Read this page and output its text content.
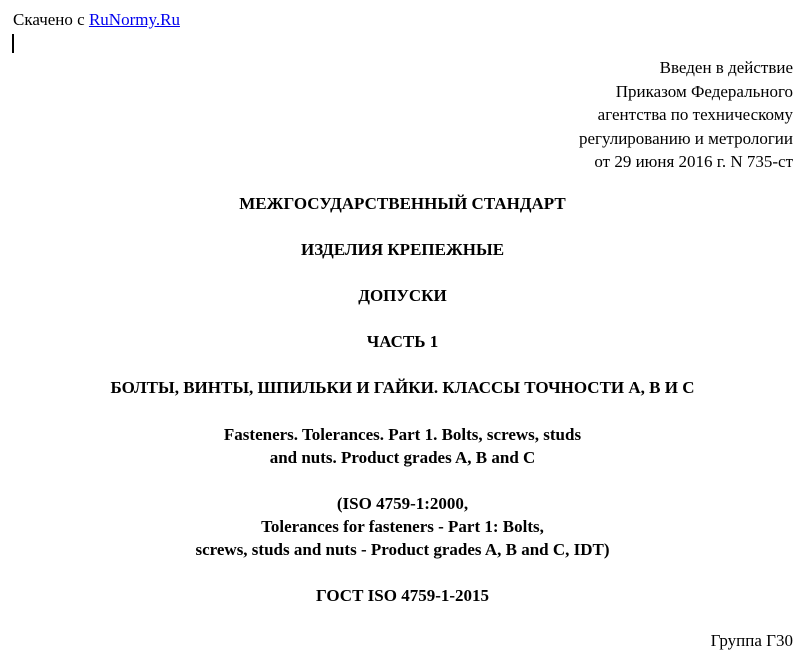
Скачено с RuNormy.Ru
Введен в действие
Приказом Федерального
агентства по техническому
регулированию и метрологии
от 29 июня 2016 г. N 735-ст
МЕЖГОСУДАРСТВЕННЫЙ СТАНДАРТ
ИЗДЕЛИЯ КРЕПЕЖНЫЕ
ДОПУСКИ
ЧАСТЬ 1
БОЛТЫ, ВИНТЫ, ШПИЛЬКИ И ГАЙКИ. КЛАССЫ ТОЧНОСТИ А, В И С
Fasteners. Tolerances. Part 1. Bolts, screws, studs
and nuts. Product grades A, B and C
(ISO 4759-1:2000,
Tolerances for fasteners - Part 1: Bolts,
screws, studs and nuts - Product grades A, B and C, IDT)
ГОСТ ISO 4759-1-2015
Группа Г30
